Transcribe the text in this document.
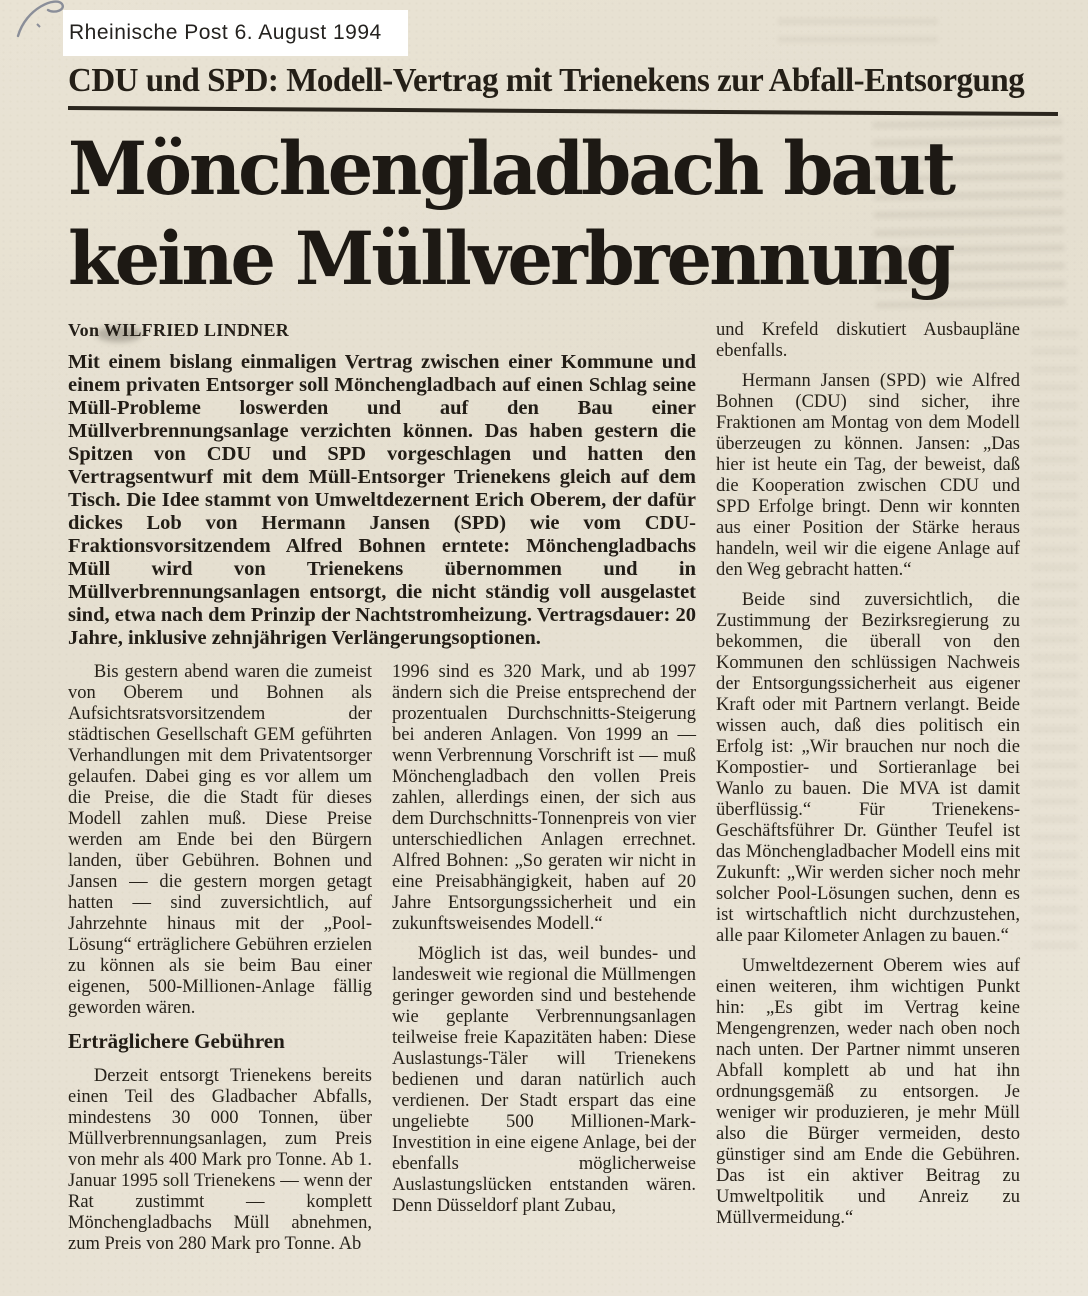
Rheinische Post 6. August 1994
CDU und SPD: Modell-Vertrag mit Trienekens zur Abfall-Entsorgung
Mönchengladbach baut
keine Müllverbrennung
Von WILFRIED LINDNER

Mit einem bislang einmaligen Vertrag zwischen einer Kommune und einem privaten Entsorger soll Mönchengladbach auf einen Schlag seine Müll-Probleme loswerden und auf den Bau einer Müllverbrennungsanlage verzichten können. Das haben gestern die Spitzen von CDU und SPD vorgeschlagen und hatten den Vertragsentwurf mit dem Müll-Entsorger Trienekens gleich auf dem Tisch. Die Idee stammt von Umweltdezernent Erich Oberem, der dafür dickes Lob von Hermann Jansen (SPD) wie vom CDU-Fraktionsvorsitzendem Alfred Bohnen erntete: Mönchengladbachs Müll wird von Trienekens übernommen und in Müllverbrennungsanlagen entsorgt, die nicht ständig voll ausgelastet sind, etwa nach dem Prinzip der Nachtstromheizung. Vertragsdauer: 20 Jahre, inklusive zehnjährigen Verlängerungsoptionen.

Bis gestern abend waren die zumeist von Oberem und Bohnen als Aufsichtsratsvorsitzendem der städtischen Gesellschaft GEM geführten Verhandlungen mit dem Privatentsorger gelaufen. Dabei ging es vor allem um die Preise, die die Stadt für dieses Modell zahlen muß. Diese Preise werden am Ende bei den Bürgern landen, über Gebühren. Bohnen und Jansen — die gestern morgen getagt hatten — sind zuversichtlich, auf Jahrzehnte hinaus mit der „Pool-Lösung“ erträglichere Gebühren erzielen zu können als sie beim Bau einer eigenen, 500-Millionen-Anlage fällig geworden wären.

Erträglichere Gebühren

Derzeit entsorgt Trienekens bereits einen Teil des Gladbacher Abfalls, mindestens 30 000 Tonnen, über Müllverbrennungsanlagen, zum Preis von mehr als 400 Mark pro Tonne. Ab 1. Januar 1995 soll Trienekens — wenn der Rat zustimmt — komplett Mönchengladbachs Müll abnehmen, zum Preis von 280 Mark pro Tonne. Ab

1996 sind es 320 Mark, und ab 1997 ändern sich die Preise entsprechend der prozentualen Durchschnitts-Steigerung bei anderen Anlagen. Von 1999 an — wenn Verbrennung Vorschrift ist — muß Mönchengladbach den vollen Preis zahlen, allerdings einen, der sich aus dem Durchschnitts-Tonnenpreis von vier unterschiedlichen Anlagen errechnet. Alfred Bohnen: „So geraten wir nicht in eine Preisabhängigkeit, haben auf 20 Jahre Entsorgungssicherheit und ein zukunftsweisendes Modell.“

Möglich ist das, weil bundes- und landesweit wie regional die Müllmengen geringer geworden sind und bestehende wie geplante Verbrennungsanlagen teilweise freie Kapazitäten haben: Diese Auslastungs-Täler will Trienekens bedienen und daran natürlich auch verdienen. Der Stadt erspart das eine ungeliebte 500 Millionen-Mark-Investition in eine eigene Anlage, bei der ebenfalls möglicherweise Auslastungslücken entstanden wären. Denn Düsseldorf plant Zubau,

und Krefeld diskutiert Ausbaupläne ebenfalls.

Hermann Jansen (SPD) wie Alfred Bohnen (CDU) sind sicher, ihre Fraktionen am Montag von dem Modell überzeugen zu können. Jansen: „Das hier ist heute ein Tag, der beweist, daß die Kooperation zwischen CDU und SPD Erfolge bringt. Denn wir konnten aus einer Position der Stärke heraus handeln, weil wir die eigene Anlage auf den Weg gebracht hatten.“

Beide sind zuversichtlich, die Zustimmung der Bezirksregierung zu bekommen, die überall von den Kommunen den schlüssigen Nachweis der Entsorgungssicherheit aus eigener Kraft oder mit Partnern verlangt. Beide wissen auch, daß dies politisch ein Erfolg ist: „Wir brauchen nur noch die Kompostier- und Sortieranlage bei Wanlo zu bauen. Die MVA ist damit überflüssig.“ Für Trienekens-Geschäftsführer Dr. Günther Teufel ist das Mönchengladbacher Modell eins mit Zukunft: „Wir werden sicher noch mehr solcher Pool-Lösungen suchen, denn es ist wirtschaftlich nicht durchzustehen, alle paar Kilometer Anlagen zu bauen.“

Umweltdezernent Oberem wies auf einen weiteren, ihm wichtigen Punkt hin: „Es gibt im Vertrag keine Mengengrenzen, weder nach oben noch nach unten. Der Partner nimmt unseren Abfall komplett ab und hat ihn ordnungsgemäß zu entsorgen. Je weniger wir produzieren, je mehr Müll also die Bürger vermeiden, desto günstiger sind am Ende die Gebühren. Das ist ein aktiver Beitrag zu Umweltpolitik und Anreiz zu Müllvermeidung.“
